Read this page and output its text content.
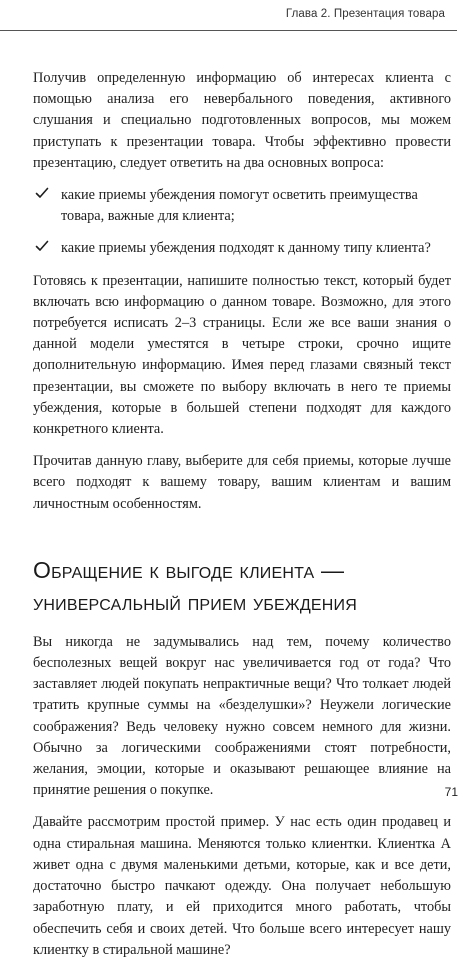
Глава 2. Презентация товара

Получив определенную информацию об интересах клиента с помощью анализа его невербального поведения, активного слушания и специально подготовленных вопросов, мы можем приступать к презентации товара. Чтобы эффективно провести презентацию, следует ответить на два основных вопроса:

какие приемы убеждения помогут осветить преимущества товара, важные для клиента;
какие приемы убеждения подходят к данному типу клиента?

Готовясь к презентации, напишите полностью текст, который будет включать всю информацию о данном товаре. Возможно, для этого потребуется исписать 2–3 страницы. Если же все ваши знания о данной модели уместятся в четыре строки, срочно ищите дополнительную информацию. Имея перед глазами связный текст презентации, вы сможете по выбору включать в него те приемы убеждения, которые в большей степени подходят для каждого конкретного клиента.

Прочитав данную главу, выберите для себя приемы, которые лучше всего подходят к вашему товару, вашим клиентам и вашим личностным особенностям.

Обращение к выгоде клиента — универсальный прием убеждения

Вы никогда не задумывались над тем, почему количество бесполезных вещей вокруг нас увеличивается год от года? Что заставляет людей покупать непрактичные вещи? Что толкает людей тратить крупные суммы на «безделушки»? Неужели логические соображения? Ведь человеку нужно совсем немного для жизни. Обычно за логическими соображениями стоят потребности, желания, эмоции, которые и оказывают решающее влияние на принятие решения о покупке.

Давайте рассмотрим простой пример. У нас есть один продавец и одна стиральная машина. Меняются только клиентки. Клиентка А живет одна с двумя маленькими детьми, которые, как и все дети, достаточно быстро пачкают одежду. Она получает небольшую заработную плату, и ей приходится много работать, чтобы обеспечить себя и своих детей. Что больше всего интересует нашу клиентку в стиральной машине?

71
